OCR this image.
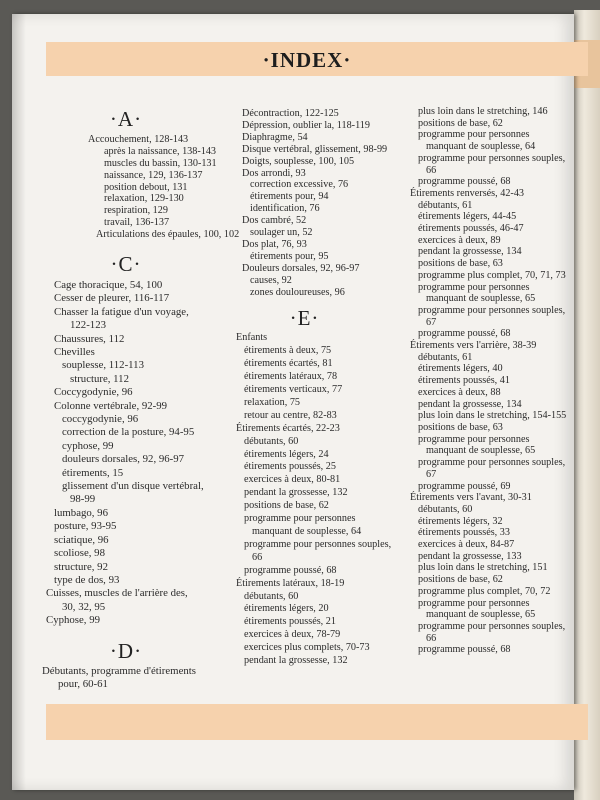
·INDEX·
·A·
Accouchement, 128-143
après la naissance, 138-143
muscles du bassin, 130-131
naissance, 129, 136-137
position debout, 131
relaxation, 129-130
respiration, 129
travail, 136-137
Articulations des épaules, 100, 102
·C·
Cage thoracique, 54, 100
Cesser de pleurer, 116-117
Chasser la fatigue d'un voyage,
122-123
Chaussures, 112
Chevilles
souplesse, 112-113
structure, 112
Coccygodynie, 96
Colonne vertébrale, 92-99
coccygodynie, 96
correction de la posture, 94-95
cyphose, 99
douleurs dorsales, 92, 96-97
étirements, 15
glissement d'un disque vertébral,
98-99
lumbago, 96
posture, 93-95
sciatique, 96
scoliose, 98
structure, 92
type de dos, 93
Cuisses, muscles de l'arrière des,
30, 32, 95
Cyphose, 99
·D·
Débutants, programme d'étirements
pour, 60-61
Décontraction, 122-125
Dépression, oublier la, 118-119
Diaphragme, 54
Disque vertébral, glissement, 98-99
Doigts, souplesse, 100, 105
Dos arrondi, 93
correction excessive, 76
étirements pour, 94
identification, 76
Dos cambré, 52
soulager un, 52
Dos plat, 76, 93
étirements pour, 95
Douleurs dorsales, 92, 96-97
causes, 92
zones douloureuses, 96
·E·
Enfants
étirements à deux, 75
étirements écartés, 81
étirements latéraux, 78
étirements verticaux, 77
relaxation, 75
retour au centre, 82-83
Étirements écartés, 22-23
débutants, 60
étirements légers, 24
étirements poussés, 25
exercices à deux, 80-81
pendant la grossesse, 132
positions de base, 62
programme pour personnes
manquant de souplesse, 64
programme pour personnes souples,
66
programme poussé, 68
Étirements latéraux, 18-19
débutants, 60
étirements légers, 20
étirements poussés, 21
exercices à deux, 78-79
exercices plus complets, 70-73
pendant la grossesse, 132
plus loin dans le stretching, 146
positions de base, 62
programme pour personnes
manquant de souplesse, 64
programme pour personnes souples,
66
programme poussé, 68
Étirements renversés, 42-43
débutants, 61
étirements légers, 44-45
étirements poussés, 46-47
exercices à deux, 89
pendant la grossesse, 134
positions de base, 63
programme plus complet, 70, 71, 73
programme pour personnes
manquant de souplesse, 65
programme pour personnes souples,
67
programme poussé, 68
Étirements vers l'arrière, 38-39
débutants, 61
étirements légers, 40
étirements poussés, 41
exercices à deux, 88
pendant la grossesse, 134
plus loin dans le stretching, 154-155
positions de base, 63
programme pour personnes
manquant de souplesse, 65
programme pour personnes souples,
67
programme poussé, 69
Étirements vers l'avant, 30-31
débutants, 60
étirements légers, 32
étirements poussés, 33
exercices à deux, 84-87
pendant la grossesse, 133
plus loin dans le stretching, 151
positions de base, 62
programme plus complet, 70, 72
programme pour personnes
manquant de souplesse, 65
programme pour personnes souples,
66
programme poussé, 68
